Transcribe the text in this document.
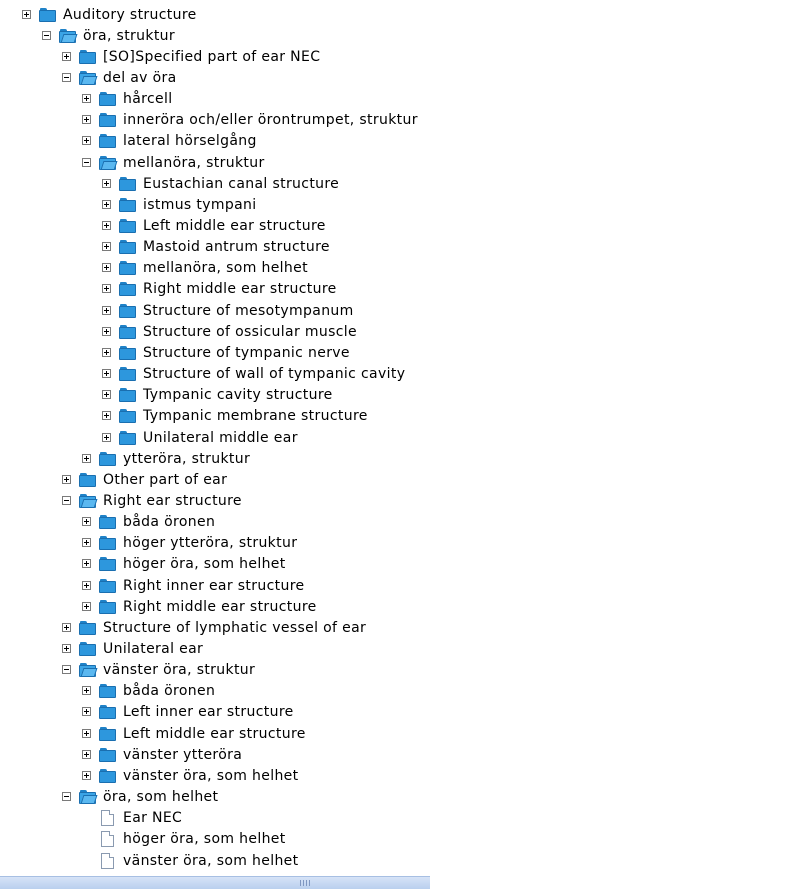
Auditory structure
öra, struktur
[SO]Specified part of ear NEC
del av öra
hårcell
inneröra och/eller örontrumpet, struktur
lateral hörselgång
mellanöra, struktur
Eustachian canal structure
istmus tympani
Left middle ear structure
Mastoid antrum structure
mellanöra, som helhet
Right middle ear structure
Structure of mesotympanum
Structure of ossicular muscle
Structure of tympanic nerve
Structure of wall of tympanic cavity
Tympanic cavity structure
Tympanic membrane structure
Unilateral middle ear
ytteröra, struktur
Other part of ear
Right ear structure
båda öronen
höger ytteröra, struktur
höger öra, som helhet
Right inner ear structure
Right middle ear structure
Structure of lymphatic vessel of ear
Unilateral ear
vänster öra, struktur
båda öronen
Left inner ear structure
Left middle ear structure
vänster ytteröra
vänster öra, som helhet
öra, som helhet
Ear NEC
höger öra, som helhet
vänster öra, som helhet
